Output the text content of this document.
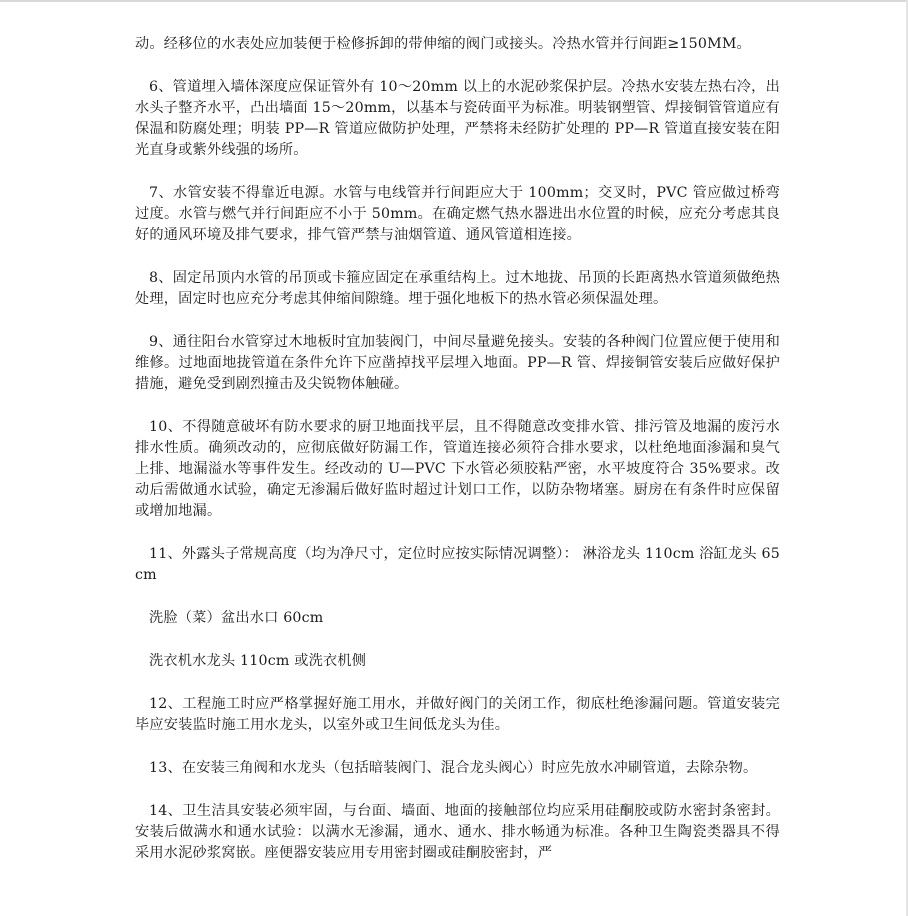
动。经移位的水表处应加装便于检修拆卸的带伸缩的阀门或接头。冷热水管并行间距≥150MM。

6、管道埋入墙体深度应保证管外有 10～20mm 以上的水泥砂浆保护层。冷热水安装左热右冷，出水头子整齐水平，凸出墙面 15～20mm，以基本与瓷砖面平为标准。明装钢塑管、焊接铜管管道应有保温和防腐处理；明装 PP—R 管道应做防护处理，严禁将未经防扩处理的 PP—R 管道直接安装在阳光直身或紫外线强的场所。

7、水管安装不得靠近电源。水管与电线管并行间距应大于 100mm；交叉时，PVC 管应做过桥弯过度。水管与燃气并行间距应不小于 50mm。在确定燃气热水器进出水位置的时候，应充分考虑其良好的通风环境及排气要求，排气管严禁与油烟管道、通风管道相连接。

8、固定吊顶内水管的吊顶或卡箍应固定在承重结构上。过木地拢、吊顶的长距离热水管道须做绝热处理，固定时也应充分考虑其伸缩间隙缝。埋于强化地板下的热水管必须保温处理。

9、通往阳台水管穿过木地板时宜加装阀门，中间尽量避免接头。安装的各种阀门位置应便于使用和维修。过地面地拢管道在条件允许下应凿掉找平层埋入地面。PP—R 管、焊接铜管安装后应做好保护措施，避免受到剧烈撞击及尖锐物体触碰。

10、不得随意破坏有防水要求的厨卫地面找平层，且不得随意改变排水管、排污管及地漏的废污水排水性质。确须改动的，应彻底做好防漏工作，管道连接必须符合排水要求，以杜绝地面渗漏和臭气上排、地漏溢水等事件发生。经改动的 U—PVC 下水管必须胶粘严密，水平坡度符合 35%要求。改动后需做通水试验，确定无渗漏后做好监时超过计划口工作，以防杂物堵塞。厨房在有条件时应保留或增加地漏。

11、外露头子常规高度（均为净尺寸，定位时应按实际情况调整）： 淋浴龙头 110cm 浴缸龙头 65cm

洗脸（菜）盆出水口 60cm

洗衣机水龙头 110cm 或洗衣机侧

12、工程施工时应严格掌握好施工用水，并做好阀门的关闭工作，彻底杜绝渗漏问题。管道安装完毕应安装监时施工用水龙头，以室外或卫生间低龙头为佳。

13、在安装三角阀和水龙头（包括暗装阀门、混合龙头阀心）时应先放水冲刷管道，去除杂物。

14、卫生洁具安装必须牢固，与台面、墙面、地面的接触部位均应采用硅酮胶或防水密封条密封。安装后做满水和通水试验：以满水无渗漏，通水、通水、排水畅通为标准。各种卫生陶瓷类器具不得采用水泥砂浆窝嵌。座便器安装应用专用密封圈或硅酮胶密封，严
